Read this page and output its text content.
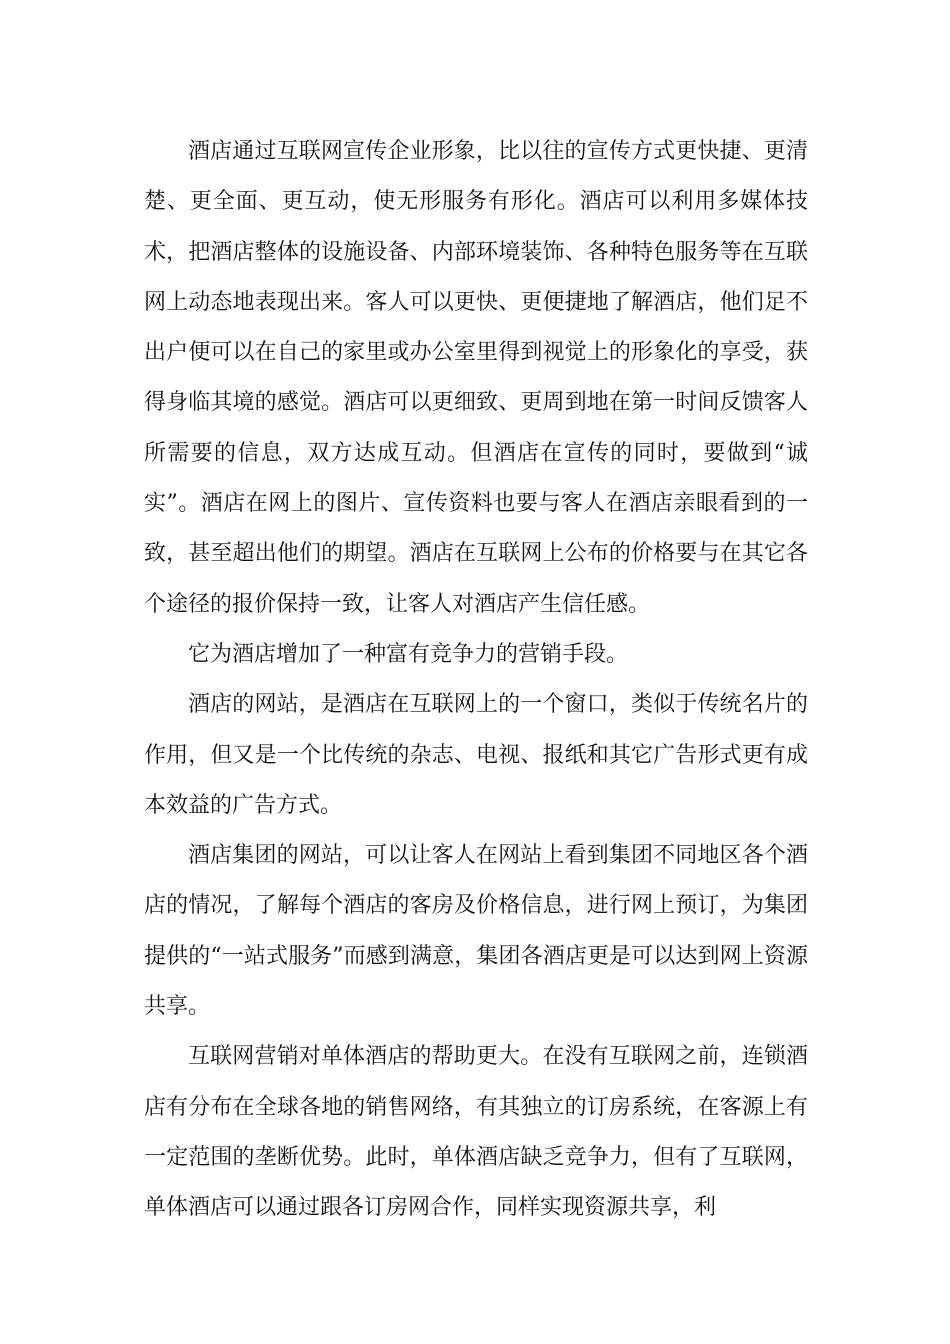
酒店通过互联网宣传企业形象，比以往的宣传方式更快捷、更清楚、更全面、更互动，使无形服务有形化。酒店可以利用多媒体技术，把酒店整体的设施设备、内部环境装饰、各种特色服务等在互联网上动态地表现出来。客人可以更快、更便捷地了解酒店，他们足不出户便可以在自己的家里或办公室里得到视觉上的形象化的享受，获得身临其境的感觉。酒店可以更细致、更周到地在第一时间反馈客人所需要的信息，双方达成互动。但酒店在宣传的同时，要做到“诚实”。酒店在网上的图片、宣传资料也要与客人在酒店亲眼看到的一致，甚至超出他们的期望。酒店在互联网上公布的价格要与在其它各个途径的报价保持一致，让客人对酒店产生信任感。

它为酒店增加了一种富有竞争力的营销手段。

酒店的网站，是酒店在互联网上的一个窗口，类似于传统名片的作用，但又是一个比传统的杂志、电视、报纸和其它广告形式更有成本效益的广告方式。

酒店集团的网站，可以让客人在网站上看到集团不同地区各个酒店的情况，了解每个酒店的客房及价格信息，进行网上预订，为集团提供的“一站式服务”而感到满意，集团各酒店更是可以达到网上资源共享。

互联网营销对单体酒店的帮助更大。在没有互联网之前，连锁酒店有分布在全球各地的销售网络，有其独立的订房系统，在客源上有一定范围的垄断优势。此时，单体酒店缺乏竞争力，但有了互联网，单体酒店可以通过跟各订房网合作，同样实现资源共享，利
